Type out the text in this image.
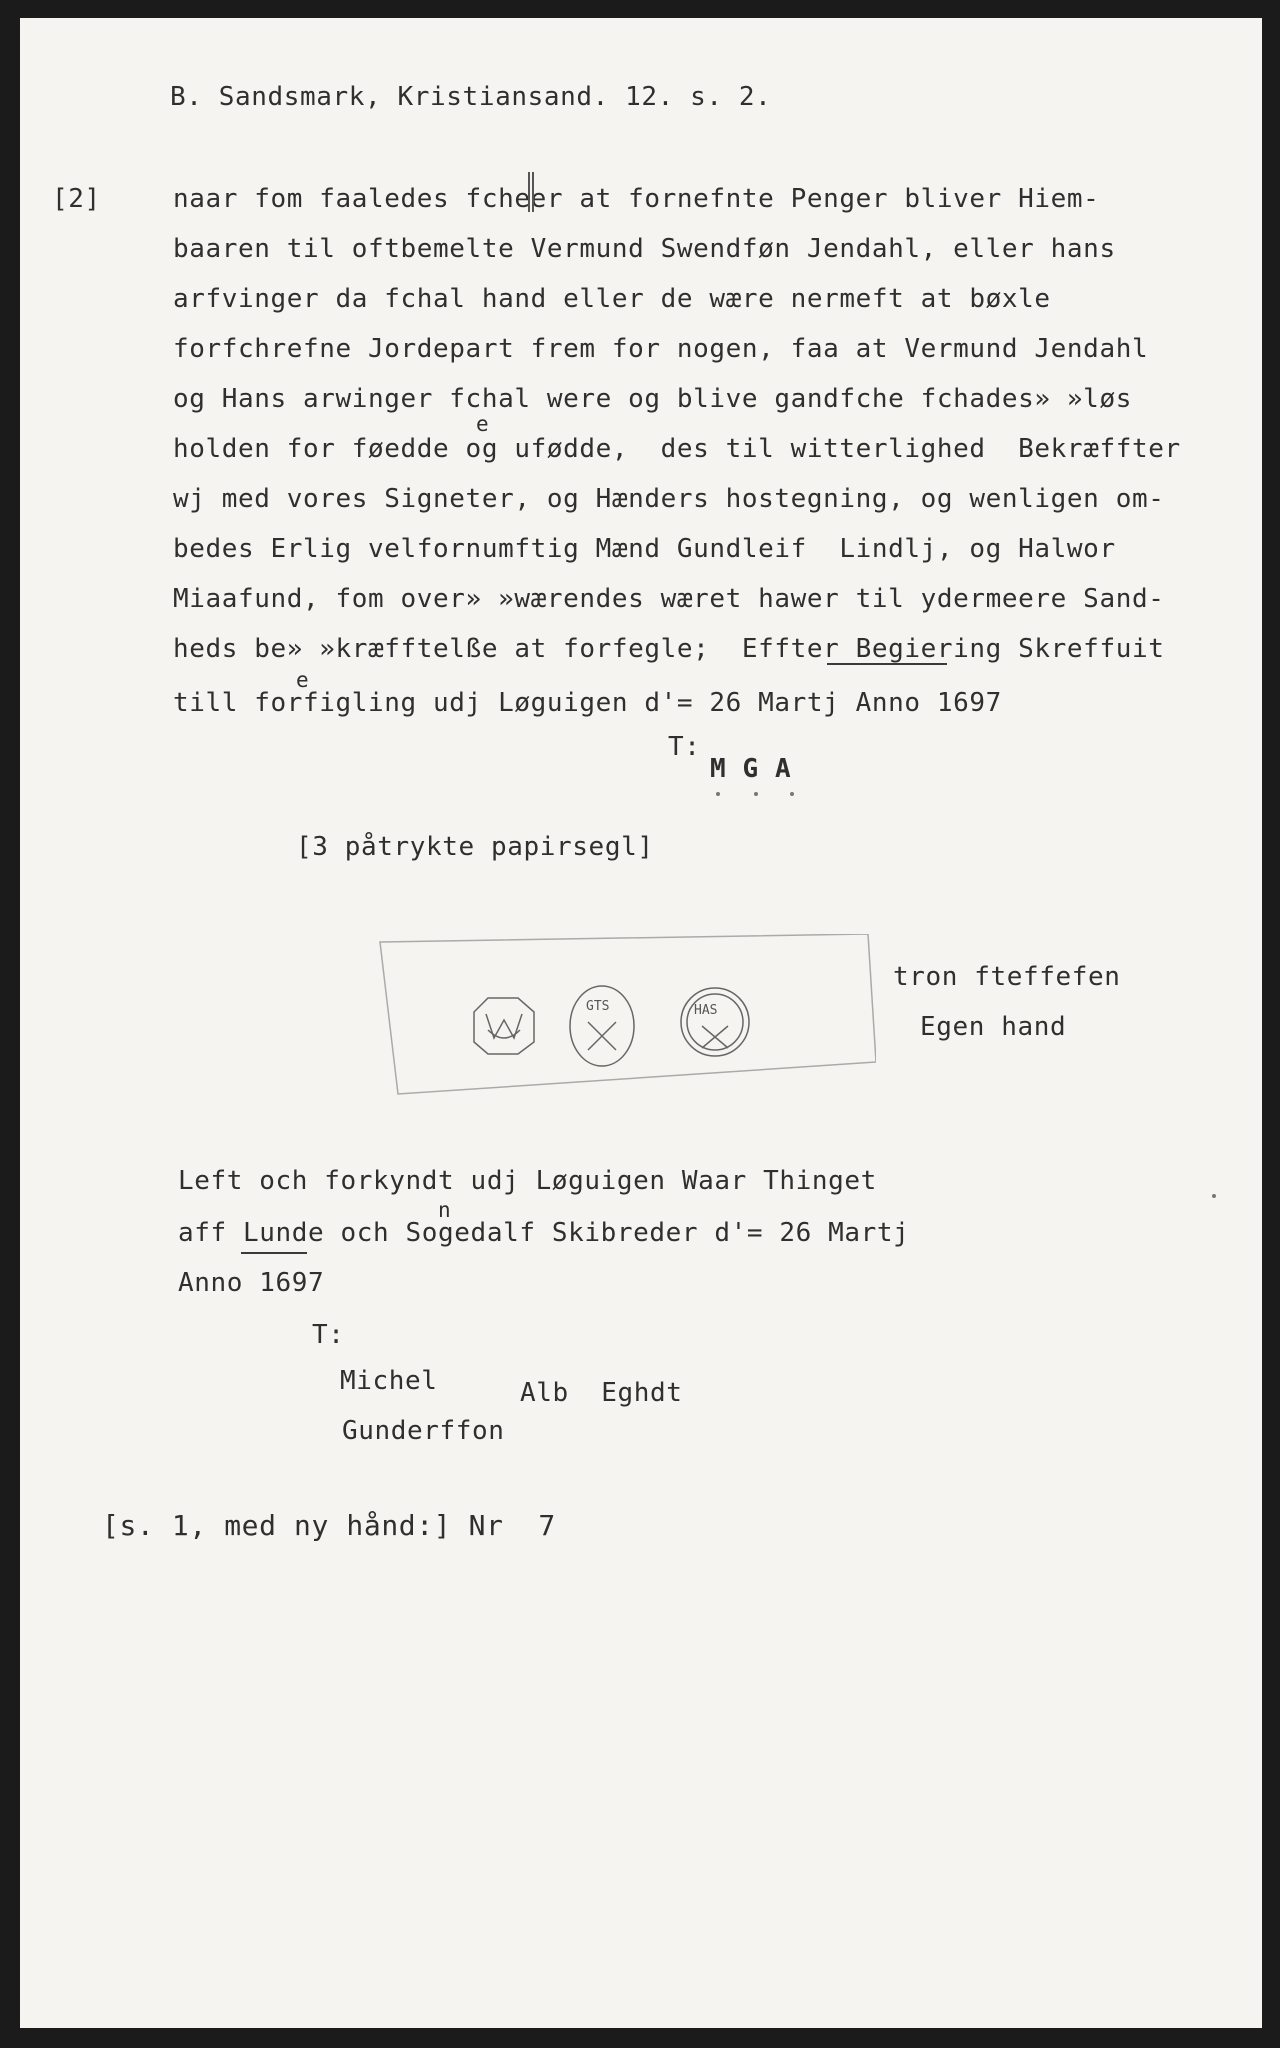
B. Sandsmark, Kristiansand. 12. s. 2.
[2]	naar fom faaledes fcheer at fornefnte Penger bliver Hiem-
baaren til oftbemelte Vermund Swendføn Jendahl, eller hans
arfvinger da fchal hand eller de wære nermeft at bøxle
forfchrefne Jordepart frem for nogen, faa at Vermund Jendahl
og Hans arwinger fchal were og blive gandfche fchades» »løs
holden for føedde og ufødde,  des til witterlighed  Bekræffter
wj med vores Signeter, og Hænders hostegning, og wenligen om-
bedes Erlig velfornumftig Mænd Gundleif  Lindlj, og Halwor
Miaafund, fom over» »wærendes wæret hawer til ydermeere Sand-
heds be» »kræfftelße at forfegle;  Effter Begiering Skreffuit
till forfigling udj Løguigen d'= 26 Martj Anno 1697
e
e
T:
M G A
[3 påtrykte papirsegl]
GTS	HAS
tron fteffefen
Egen hand
Left och forkyndt udj Løguigen Waar Thinget
aff Lunde och Sogedalf Skibreder d'= 26 Martj
Anno 1697
n
T:
Michel
Gunderffon
Alb  Eghdt
[s. 1, med ny hånd:] Nr  7
